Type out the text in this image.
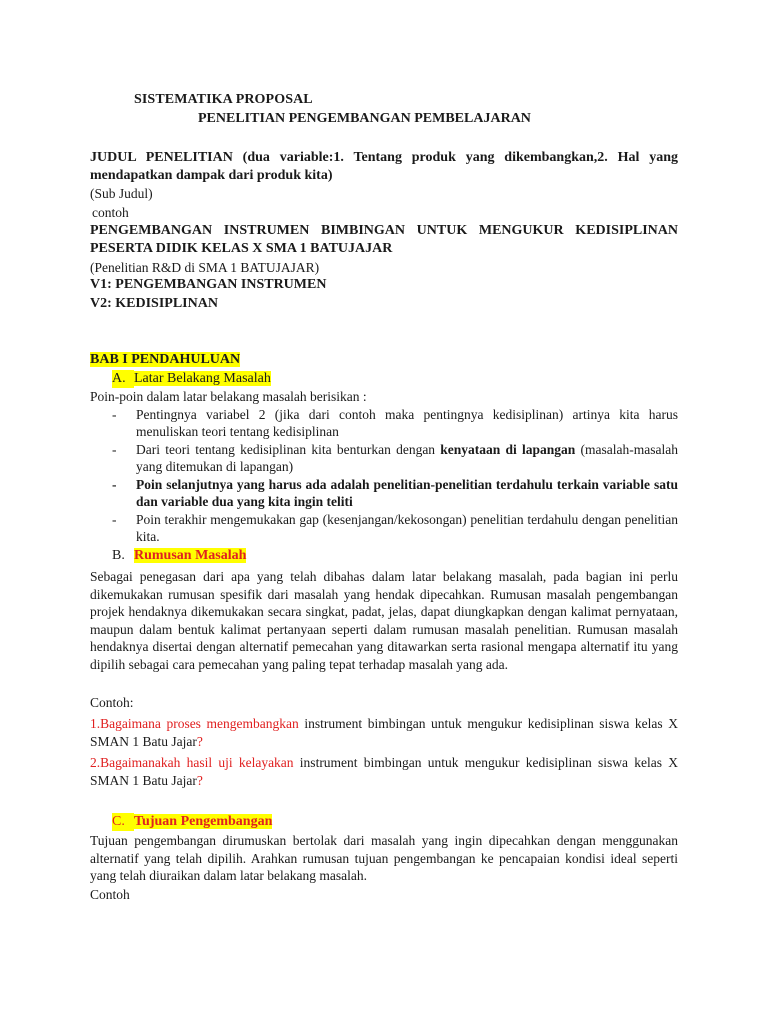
SISTEMATIKA PROPOSAL
PENELITIAN PENGEMBANGAN PEMBELAJARAN
JUDUL PENELITIAN (dua variable:1. Tentang produk yang dikembangkan,2. Hal yang mendapatkan dampak dari produk kita)
(Sub Judul)
contoh
PENGEMBANGAN INSTRUMEN BIMBINGAN UNTUK MENGUKUR KEDISIPLINAN PESERTA DIDIK KELAS X SMA 1 BATUJAJAR
(Penelitian R&D di SMA 1 BATUJAJAR)
V1: PENGEMBANGAN INSTRUMEN
V2: KEDISIPLINAN
BAB I PENDAHULUAN
A. Latar Belakang Masalah
Poin-poin dalam latar belakang masalah berisikan :
-	Pentingnya variabel 2 (jika dari contoh maka pentingnya kedisiplinan) artinya kita harus menuliskan teori tentang kedisiplinan
-	Dari teori tentang kedisiplinan kita benturkan dengan kenyataan di lapangan (masalah-masalah yang ditemukan di lapangan)
-	Poin selanjutnya yang harus ada adalah penelitian-penelitian terdahulu terkain variable satu dan variable dua yang kita ingin teliti
-	Poin terakhir mengemukakan gap (kesenjangan/kekosongan) penelitian terdahulu dengan penelitian kita.
B. Rumusan Masalah
Sebagai penegasan dari apa yang telah dibahas dalam latar belakang masalah, pada bagian ini perlu dikemukakan rumusan spesifik dari masalah yang hendak dipecahkan. Rumusan masalah pengembangan projek hendaknya dikemukakan secara singkat, padat, jelas, dapat diungkapkan dengan kalimat pernyataan, maupun dalam bentuk kalimat pertanyaan seperti dalam rumusan masalah penelitian. Rumusan masalah hendaknya disertai dengan alternatif pemecahan yang ditawarkan serta rasional mengapa alternatif itu yang dipilih sebagai cara pemecahan yang paling tepat terhadap masalah yang ada.
Contoh:
1.Bagaimana proses mengembangkan instrument bimbingan untuk mengukur kedisiplinan siswa kelas X SMAN 1 Batu Jajar?
2.Bagaimanakah hasil uji kelayakan instrument bimbingan untuk mengukur kedisiplinan siswa kelas X SMAN 1 Batu Jajar?
C. Tujuan Pengembangan
Tujuan pengembangan dirumuskan bertolak dari masalah yang ingin dipecahkan dengan menggunakan alternatif yang telah dipilih. Arahkan rumusan tujuan pengembangan ke pencapaian kondisi ideal seperti yang telah diuraikan dalam latar belakang masalah.
Contoh
